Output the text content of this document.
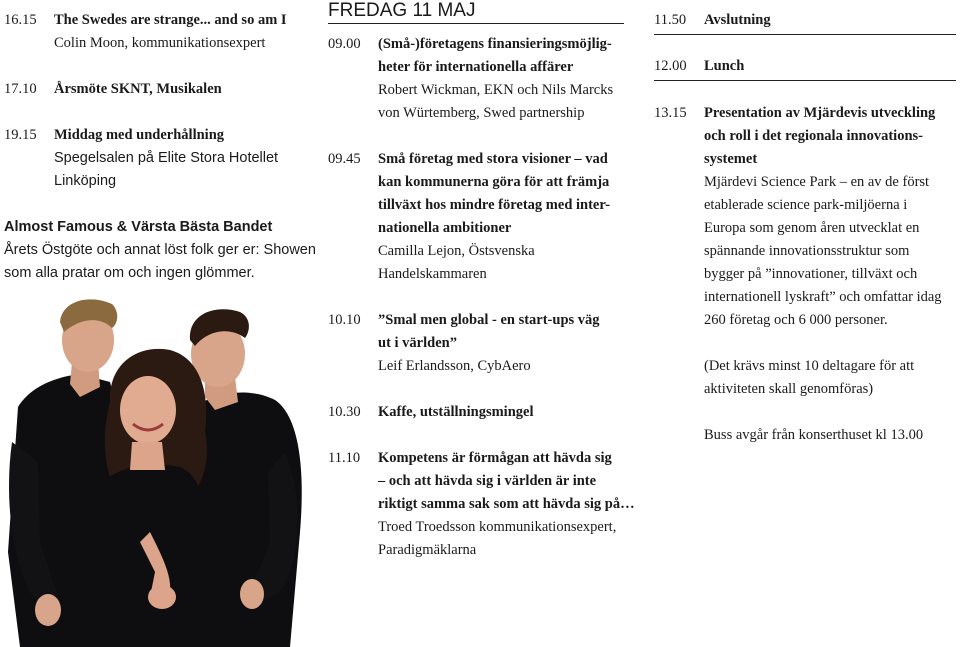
16.15 The Swedes are strange... and so am I
Colin Moon, kommunikationsexpert
17.10 Årsmöte SKNT, Musikalen
19.15 Middag med underhållning
Spegelsalen på Elite Stora Hotellet
Linköping
Almost Famous & Värsta Bästa Bandet
Årets Östgöte och annat löst folk ger er: Showen
som alla pratar om och ingen glömmer.
FREDAG 11 MAJ
09.00 (Små-)företagens finansieringsmöjlig-
heter för internationella affärer
Robert Wickman, EKN och Nils Marcks
von Würtemberg, Swed partnership
09.45 Små företag med stora visioner – vad
kan kommunerna göra för att främja
tillväxt hos mindre företag med inter-
nationella ambitioner
Camilla Lejon, Östsvenska
Handelskammaren
10.10 ”Smal men global - en start-ups väg
ut i världen”
Leif Erlandsson, CybAero
10.30 Kaffe, utställningsmingel
11.10 Kompetens är förmågan att hävda sig
– och att hävda sig i världen är inte
riktigt samma sak som att hävda sig på…
Troed Troedsson kommunikationsexpert,
Paradigmäklarna
11.50 Avslutning
12.00 Lunch
13.15 Presentation av Mjärdevis utveckling
och roll i det regionala innovations-
systemet
Mjärdevi Science Park – en av de först
etablerade science park-miljöerna i
Europa som genom åren utvecklat en
spännande innovationsstruktur som
bygger på ”innovationer, tillväxt och
internationell lyskraft” och omfattar idag
260 företag och 6 000 personer.
(Det krävs minst 10 deltagare för att
aktiviteten skall genomföras)
Buss avgår från konserthuset kl 13.00
